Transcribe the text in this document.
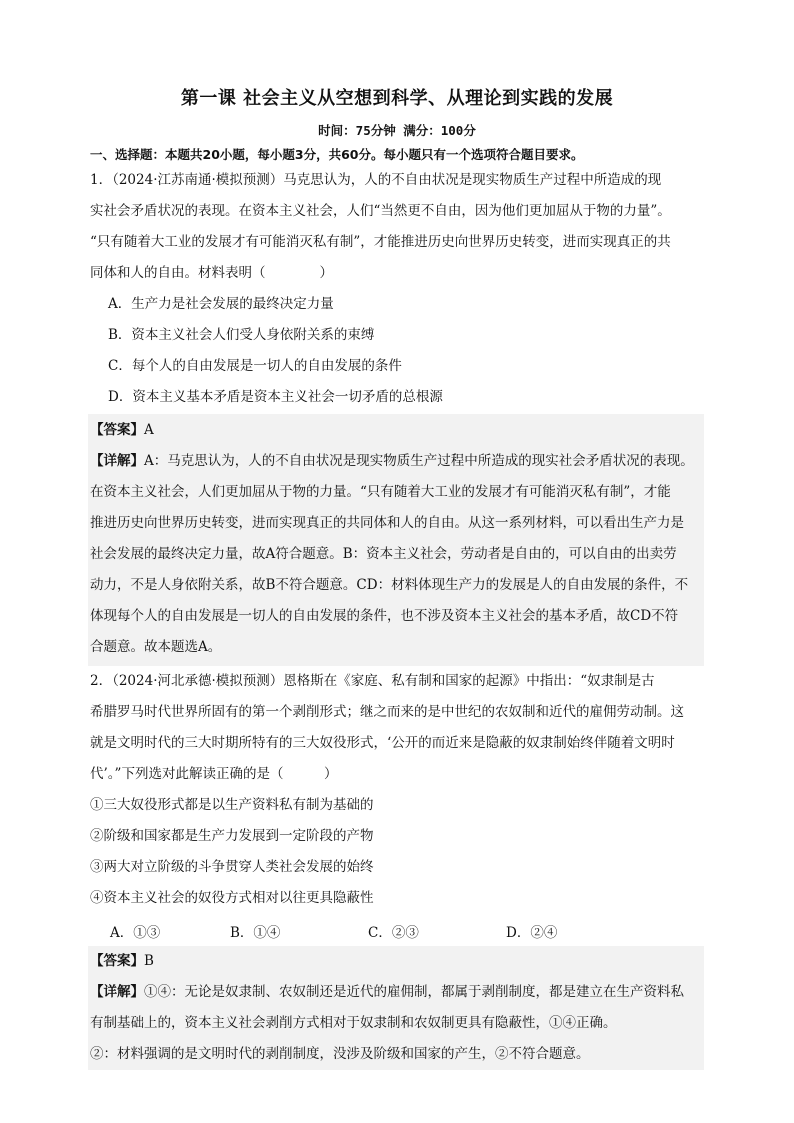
第一课 社会主义从空想到科学、从理论到实践的发展
时间：75分钟 满分：100分
一、选择题：本题共20小题，每小题3分，共60分。每小题只有一个选项符合题目要求。
1．（2024·江苏南通·模拟预测）马克思认为，人的不自由状况是现实物质生产过程中所造成的现
实社会矛盾状况的表现。在资本主义社会，人们“当然更不自由，因为他们更加屈从于物的力量”。
“只有随着大工业的发展才有可能消灭私有制”，才能推进历史向世界历史转变，进而实现真正的共
同体和人的自由。材料表明（　　　　）
A．生产力是社会发展的最终决定力量
B．资本主义社会人们受人身依附关系的束缚
C．每个人的自由发展是一切人的自由发展的条件
D．资本主义基本矛盾是资本主义社会一切矛盾的总根源
【答案】A
【详解】A：马克思认为，人的不自由状况是现实物质生产过程中所造成的现实社会矛盾状况的表现。
在资本主义社会，人们更加屈从于物的力量。“只有随着大工业的发展才有可能消灭私有制”，才能
推进历史向世界历史转变，进而实现真正的共同体和人的自由。从这一系列材料，可以看出生产力是
社会发展的最终决定力量，故A符合题意。B：资本主义社会，劳动者是自由的，可以自由的出卖劳
动力，不是人身依附关系，故B不符合题意。CD：材料体现生产力的发展是人的自由发展的条件，不
体现每个人的自由发展是一切人的自由发展的条件，也不涉及资本主义社会的基本矛盾，故CD不符
合题意。故本题选A。
2．（2024·河北承德·模拟预测）恩格斯在《家庭、私有制和国家的起源》中指出：“奴隶制是古
希腊罗马时代世界所固有的第一个剥削形式；继之而来的是中世纪的农奴制和近代的雇佣劳动制。这
就是文明时代的三大时期所特有的三大奴役形式，‘公开的而近来是隐蔽的奴隶制始终伴随着文明时
代’。”下列选对此解读正确的是（　　　）
①三大奴役形式都是以生产资料私有制为基础的
②阶级和国家都是生产力发展到一定阶段的产物
③两大对立阶级的斗争贯穿人类社会发展的始终
④资本主义社会的奴役方式相对以往更具隐蔽性
A．①③	B．①④	C．②③	D．②④
【答案】B
【详解】①④：无论是奴隶制、农奴制还是近代的雇佣制，都属于剥削制度，都是建立在生产资料私
有制基础上的，资本主义社会剥削方式相对于奴隶制和农奴制更具有隐蔽性，①④正确。
②：材料强调的是文明时代的剥削制度，没涉及阶级和国家的产生，②不符合题意。
